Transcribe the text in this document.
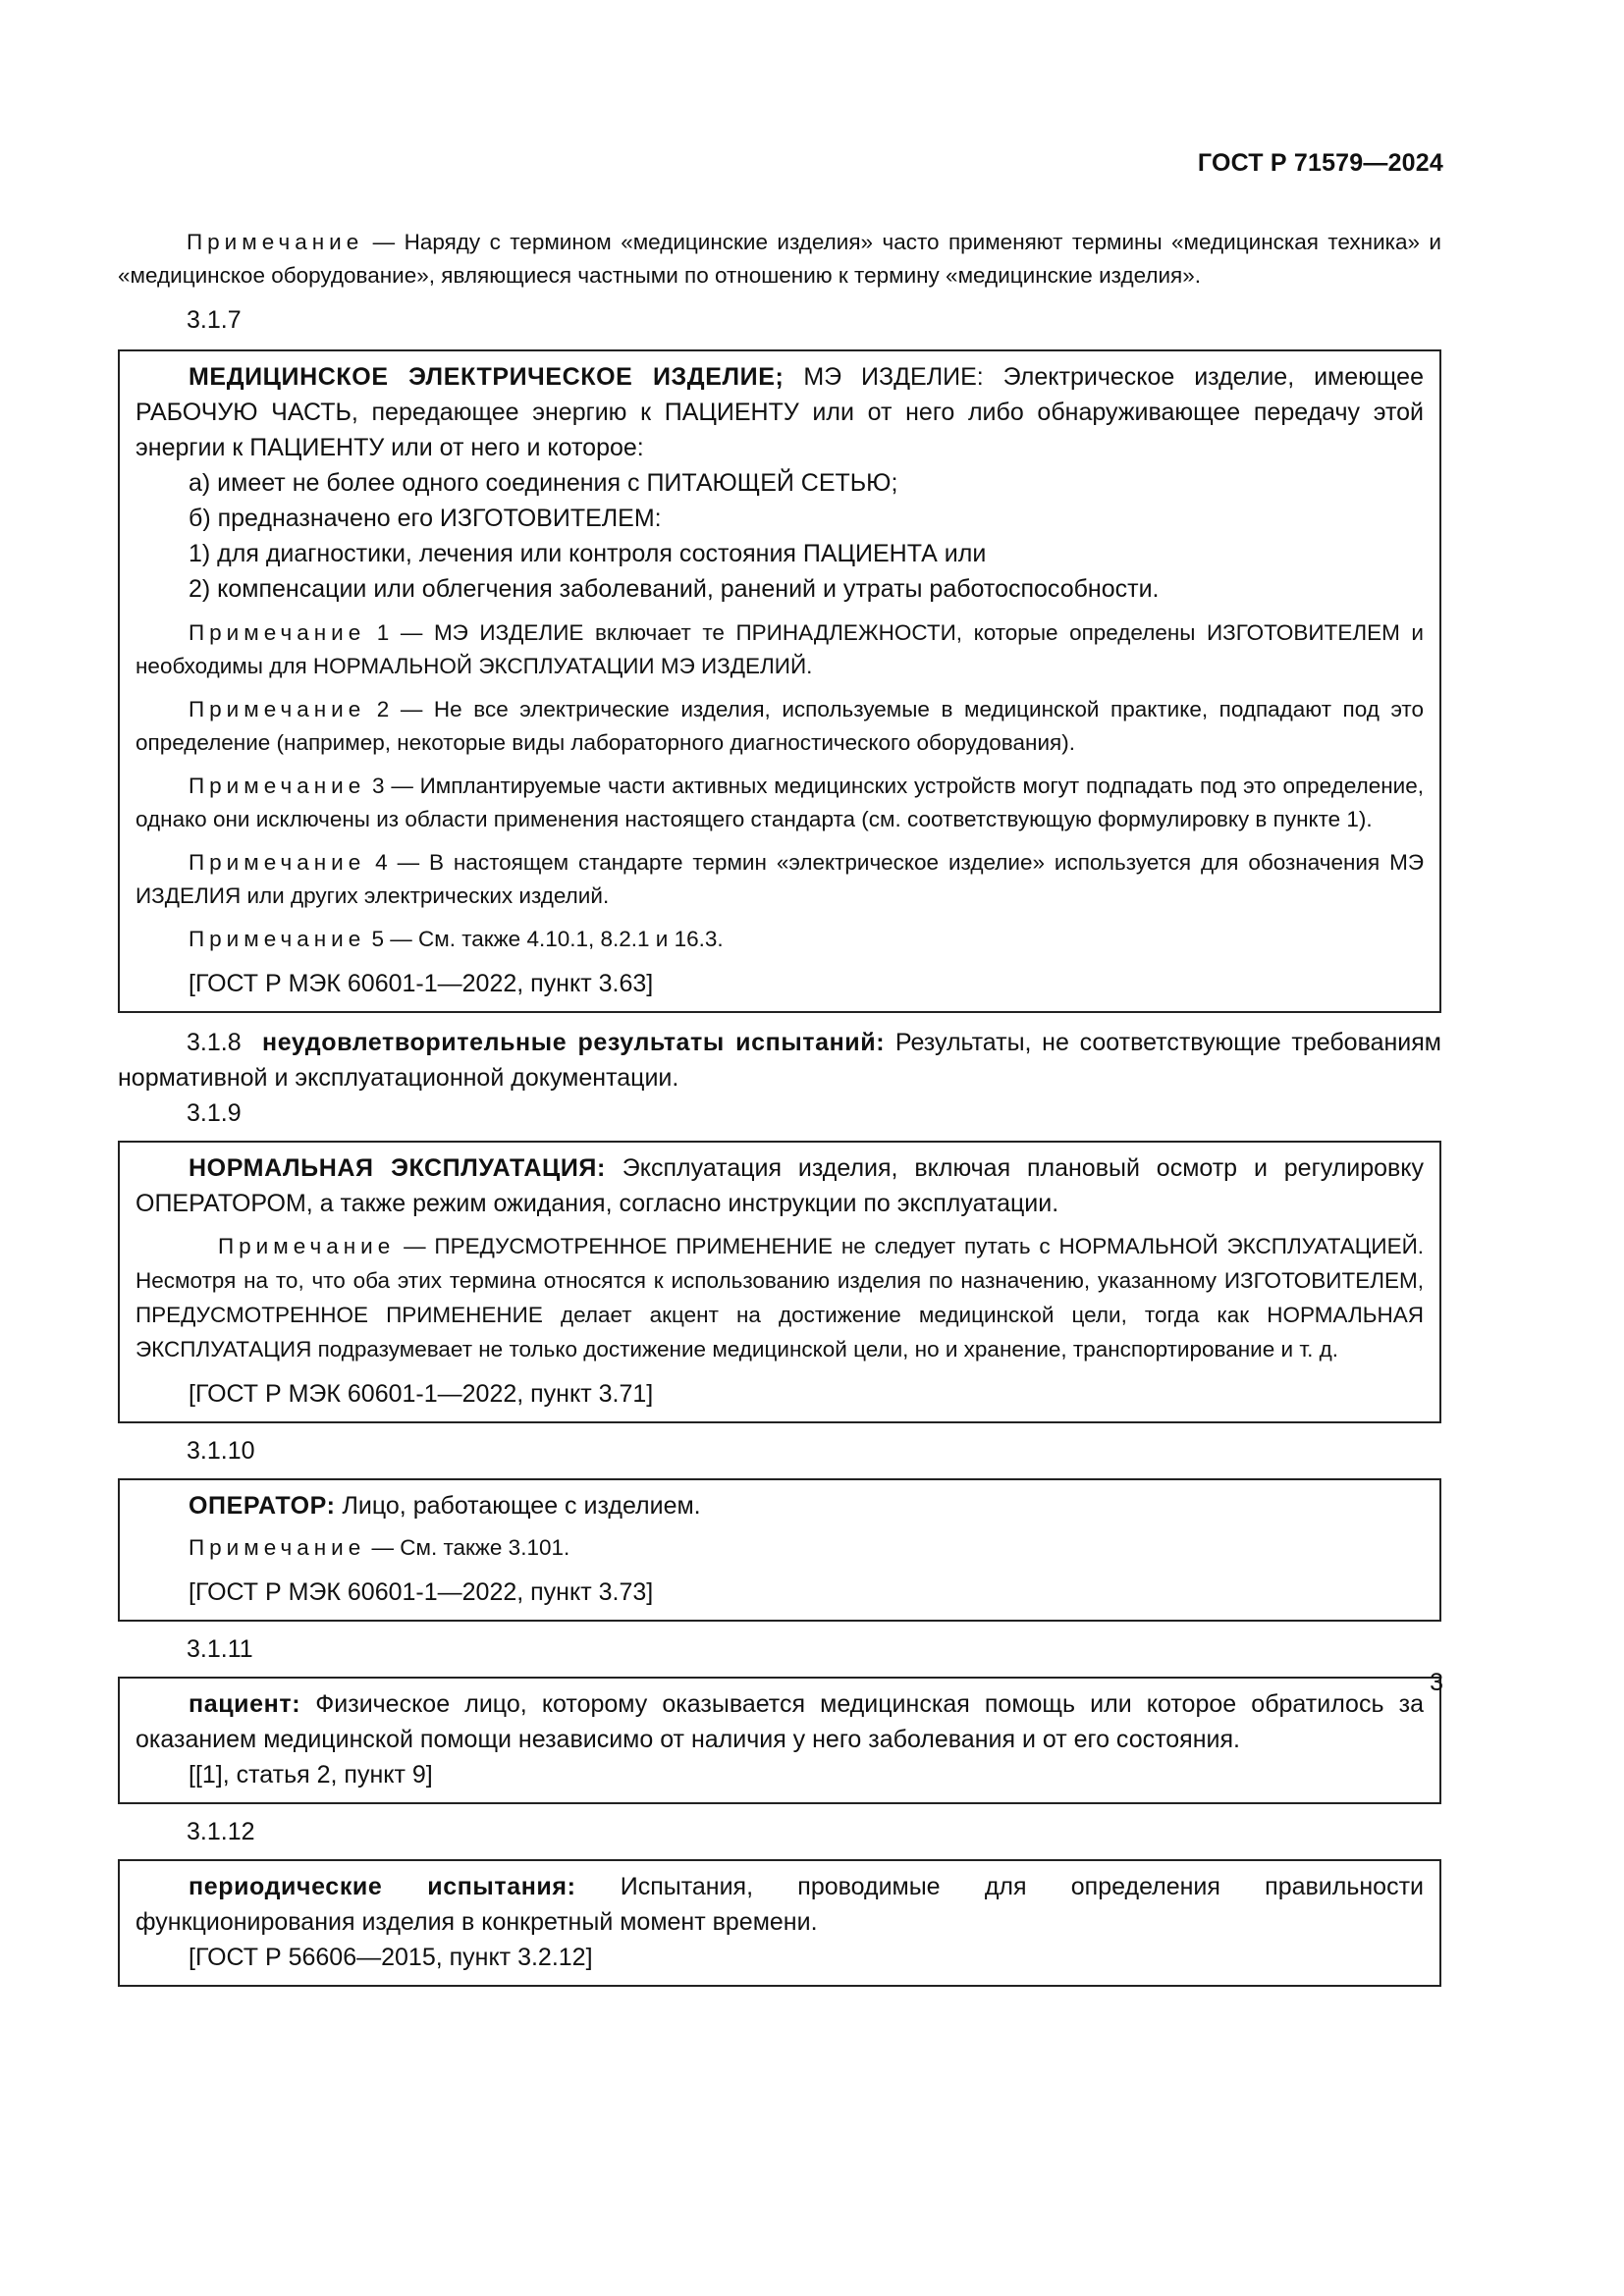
ГОСТ Р 71579—2024

Примечание — Наряду с термином «медицинские изделия» часто применяют термины «медицинская техника» и «медицинское оборудование», являющиеся частными по отношению к термину «медицинские изделия».

3.1.7

МЕДИЦИНСКОЕ ЭЛЕКТРИЧЕСКОЕ ИЗДЕЛИЕ; МЭ ИЗДЕЛИЕ: Электрическое изделие, имеющее РАБОЧУЮ ЧАСТЬ, передающее энергию к ПАЦИЕНТУ или от него либо обнаруживающее передачу этой энергии к ПАЦИЕНТУ или от него и которое:

а) имеет не более одного соединения с ПИТАЮЩЕЙ СЕТЬЮ;

б) предназначено его ИЗГОТОВИТЕЛЕМ:

1) для диагностики, лечения или контроля состояния ПАЦИЕНТА или

2) компенсации или облегчения заболеваний, ранений и утраты работоспособности.

Примечание 1 — МЭ ИЗДЕЛИЕ включает те ПРИНАДЛЕЖНОСТИ, которые определены ИЗГОТОВИТЕЛЕМ и необходимы для НОРМАЛЬНОЙ ЭКСПЛУАТАЦИИ МЭ ИЗДЕЛИЙ.

Примечание 2 — Не все электрические изделия, используемые в медицинской практике, подпадают под это определение (например, некоторые виды лабораторного диагностического оборудования).

Примечание 3 — Имплантируемые части активных медицинских устройств могут подпадать под это определение, однако они исключены из области применения настоящего стандарта (см. соответствующую формулировку в пункте 1).

Примечание 4 — В настоящем стандарте термин «электрическое изделие» используется для обозначения МЭ ИЗДЕЛИЯ или других электрических изделий.

Примечание 5 — См. также 4.10.1, 8.2.1 и 16.3.

[ГОСТ Р МЭК 60601-1—2022, пункт 3.63]

3.1.8 неудовлетворительные результаты испытаний: Результаты, не соответствующие требованиям нормативной и эксплуатационной документации.

3.1.9

НОРМАЛЬНАЯ ЭКСПЛУАТАЦИЯ: Эксплуатация изделия, включая плановый осмотр и регулировку ОПЕРАТОРОМ, а также режим ожидания, согласно инструкции по эксплуатации.

Примечание — ПРЕДУСМОТРЕННОЕ ПРИМЕНЕНИЕ не следует путать с НОРМАЛЬНОЙ ЭКСПЛУАТАЦИЕЙ. Несмотря на то, что оба этих термина относятся к использованию изделия по назначению, указанному ИЗГОТОВИТЕЛЕМ, ПРЕДУСМОТРЕННОЕ ПРИМЕНЕНИЕ делает акцент на достижение медицинской цели, тогда как НОРМАЛЬНАЯ ЭКСПЛУАТАЦИЯ подразумевает не только достижение медицинской цели, но и хранение, транспортирование и т. д.

[ГОСТ Р МЭК 60601-1—2022, пункт 3.71]

3.1.10

ОПЕРАТОР: Лицо, работающее с изделием.

Примечание — См. также 3.101.

[ГОСТ Р МЭК 60601-1—2022, пункт 3.73]

3.1.11

пациент: Физическое лицо, которому оказывается медицинская помощь или которое обратилось за оказанием медицинской помощи независимо от наличия у него заболевания и от его состояния.

[[1], статья 2, пункт 9]

3.1.12

периодические испытания: Испытания, проводимые для определения правильности функционирования изделия в конкретный момент времени.

[ГОСТ Р 56606—2015, пункт 3.2.12]

3
